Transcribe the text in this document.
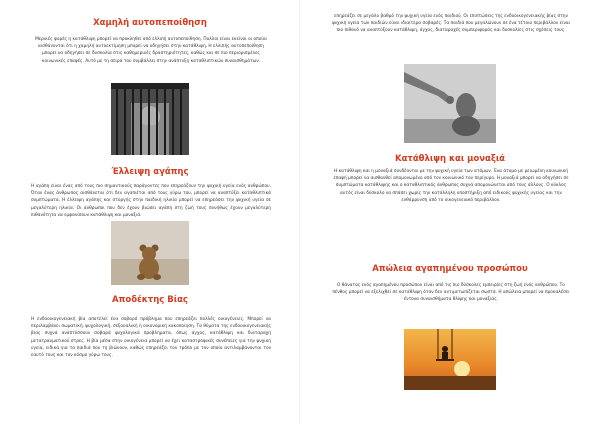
Χαμηλή αυτοπεποίθηση

Μερικές φορές η κατάθλιψη μπορεί να προκληθεί από ελλιπή αυτοπεποίθηση. Πολλοί είναι εκείνοι οι οποίοι αισθάνονται ότι η χαμηλή αυτοεκτίμηση μπορεί να οδηγήσει στην κατάθλιψη. Η ελλιπής αυτοπεποίθηση μπορεί να οδηγήσει σε δυσκολία στις καθημερινές δραστηριότητες, καθώς και σε πιο περιορισμένες κοινωνικές επαφές. Αυτό με τη σειρά του συμβάλλει στην ανάπτυξη καταθλιπτικών συναισθημάτων.

Έλλειψη αγάπης

Η αγάπη είναι ένας από τους πιο σημαντικούς παράγοντες που επηρεάζουν την ψυχική υγεία ενός ανθρώπου. Όταν ένας άνθρωπος αισθάνεται ότι δεν αγαπιέται από τους γύρω του, μπορεί να αναπτύξει καταθλιπτικά συμπτώματα. Η έλλειψη αγάπης και στοργής στην παιδική ηλικία μπορεί να επηρεάσει την ψυχική υγεία σε μεγαλύτερη ηλικία. Οι άνθρωποι που δεν έχουν βιώσει αγάπη στη ζωή τους συνήθως έχουν μεγαλύτερη πιθανότητα να εμφανίσουν κατάθλιψη και μοναξιά.

Αποδέκτης Βίας

Η ενδοοικογενειακή βία αποτελεί ένα σοβαρό πρόβλημα που επηρεάζει πολλές οικογένειες. Μπορεί να περιλαμβάνει σωματική, ψυχολογική, σεξουαλική ή οικονομική κακοποίηση. Τα θύματα της ενδοοικογενειακής βίας συχνά αναπτύσσουν σοβαρά ψυχολογικά προβλήματα, όπως άγχος, κατάθλιψη και διαταραχή μετατραυματικού στρες. Η βία μέσα στην οικογένεια μπορεί να έχει καταστροφικές συνέπειες για την ψυχική υγεία, ειδικά για τα παιδιά που τη βιώνουν, καθώς επηρεάζει τον τρόπο με τον οποίο αντιλαμβάνονται τον εαυτό τους και τον κόσμο γύρω τους.

επηρεάζει σε μεγάλο βαθμό την ψυχική υγεία ενός παιδιού. Οι επιπτώσεις της ενδοοικογενειακής βίας στην ψυχική υγεία των παιδιών είναι ιδιαίτερα σοβαρές. Τα παιδιά που μεγαλώνουν σε ένα τέτοιο περιβάλλον είναι πιο πιθανό να αναπτύξουν κατάθλιψη, άγχος, διαταραχές συμπεριφοράς και δυσκολίες στις σχέσεις τους.

Κατάθλιψη και μοναξιά

Η κατάθλιψη και η μοναξιά συνδέονται με την ψυχική υγεία των ατόμων. Ένα άτομο με μειωμένη κοινωνική επαφή μπορεί να αισθανθεί απομονωμένο από τον κοινωνικό του περίγυρο. Η μοναξιά μπορεί να οδηγήσει σε συμπτώματα κατάθλιψης και ο καταθλιπτικός άνθρωπος συχνά απομονώνεται από τους άλλους. Ο κύκλος αυτός είναι δύσκολο να σπάσει χωρίς την κατάλληλη υποστήριξη από ειδικούς ψυχικής υγείας και την ενθάρρυνση από το οικογενειακό περιβάλλον.

Απώλεια αγαπημένου προσώπου

Ο θάνατος ενός αγαπημένου προσώπου είναι από τις πιο δύσκολες εμπειρίες στη ζωή ενός ανθρώπου. Το πένθος μπορεί να εξελιχθεί σε κατάθλιψη όταν δεν αντιμετωπίζεται σωστά. Η απώλεια μπορεί να προκαλέσει έντονα συναισθήματα θλίψης και μοναξιάς.
